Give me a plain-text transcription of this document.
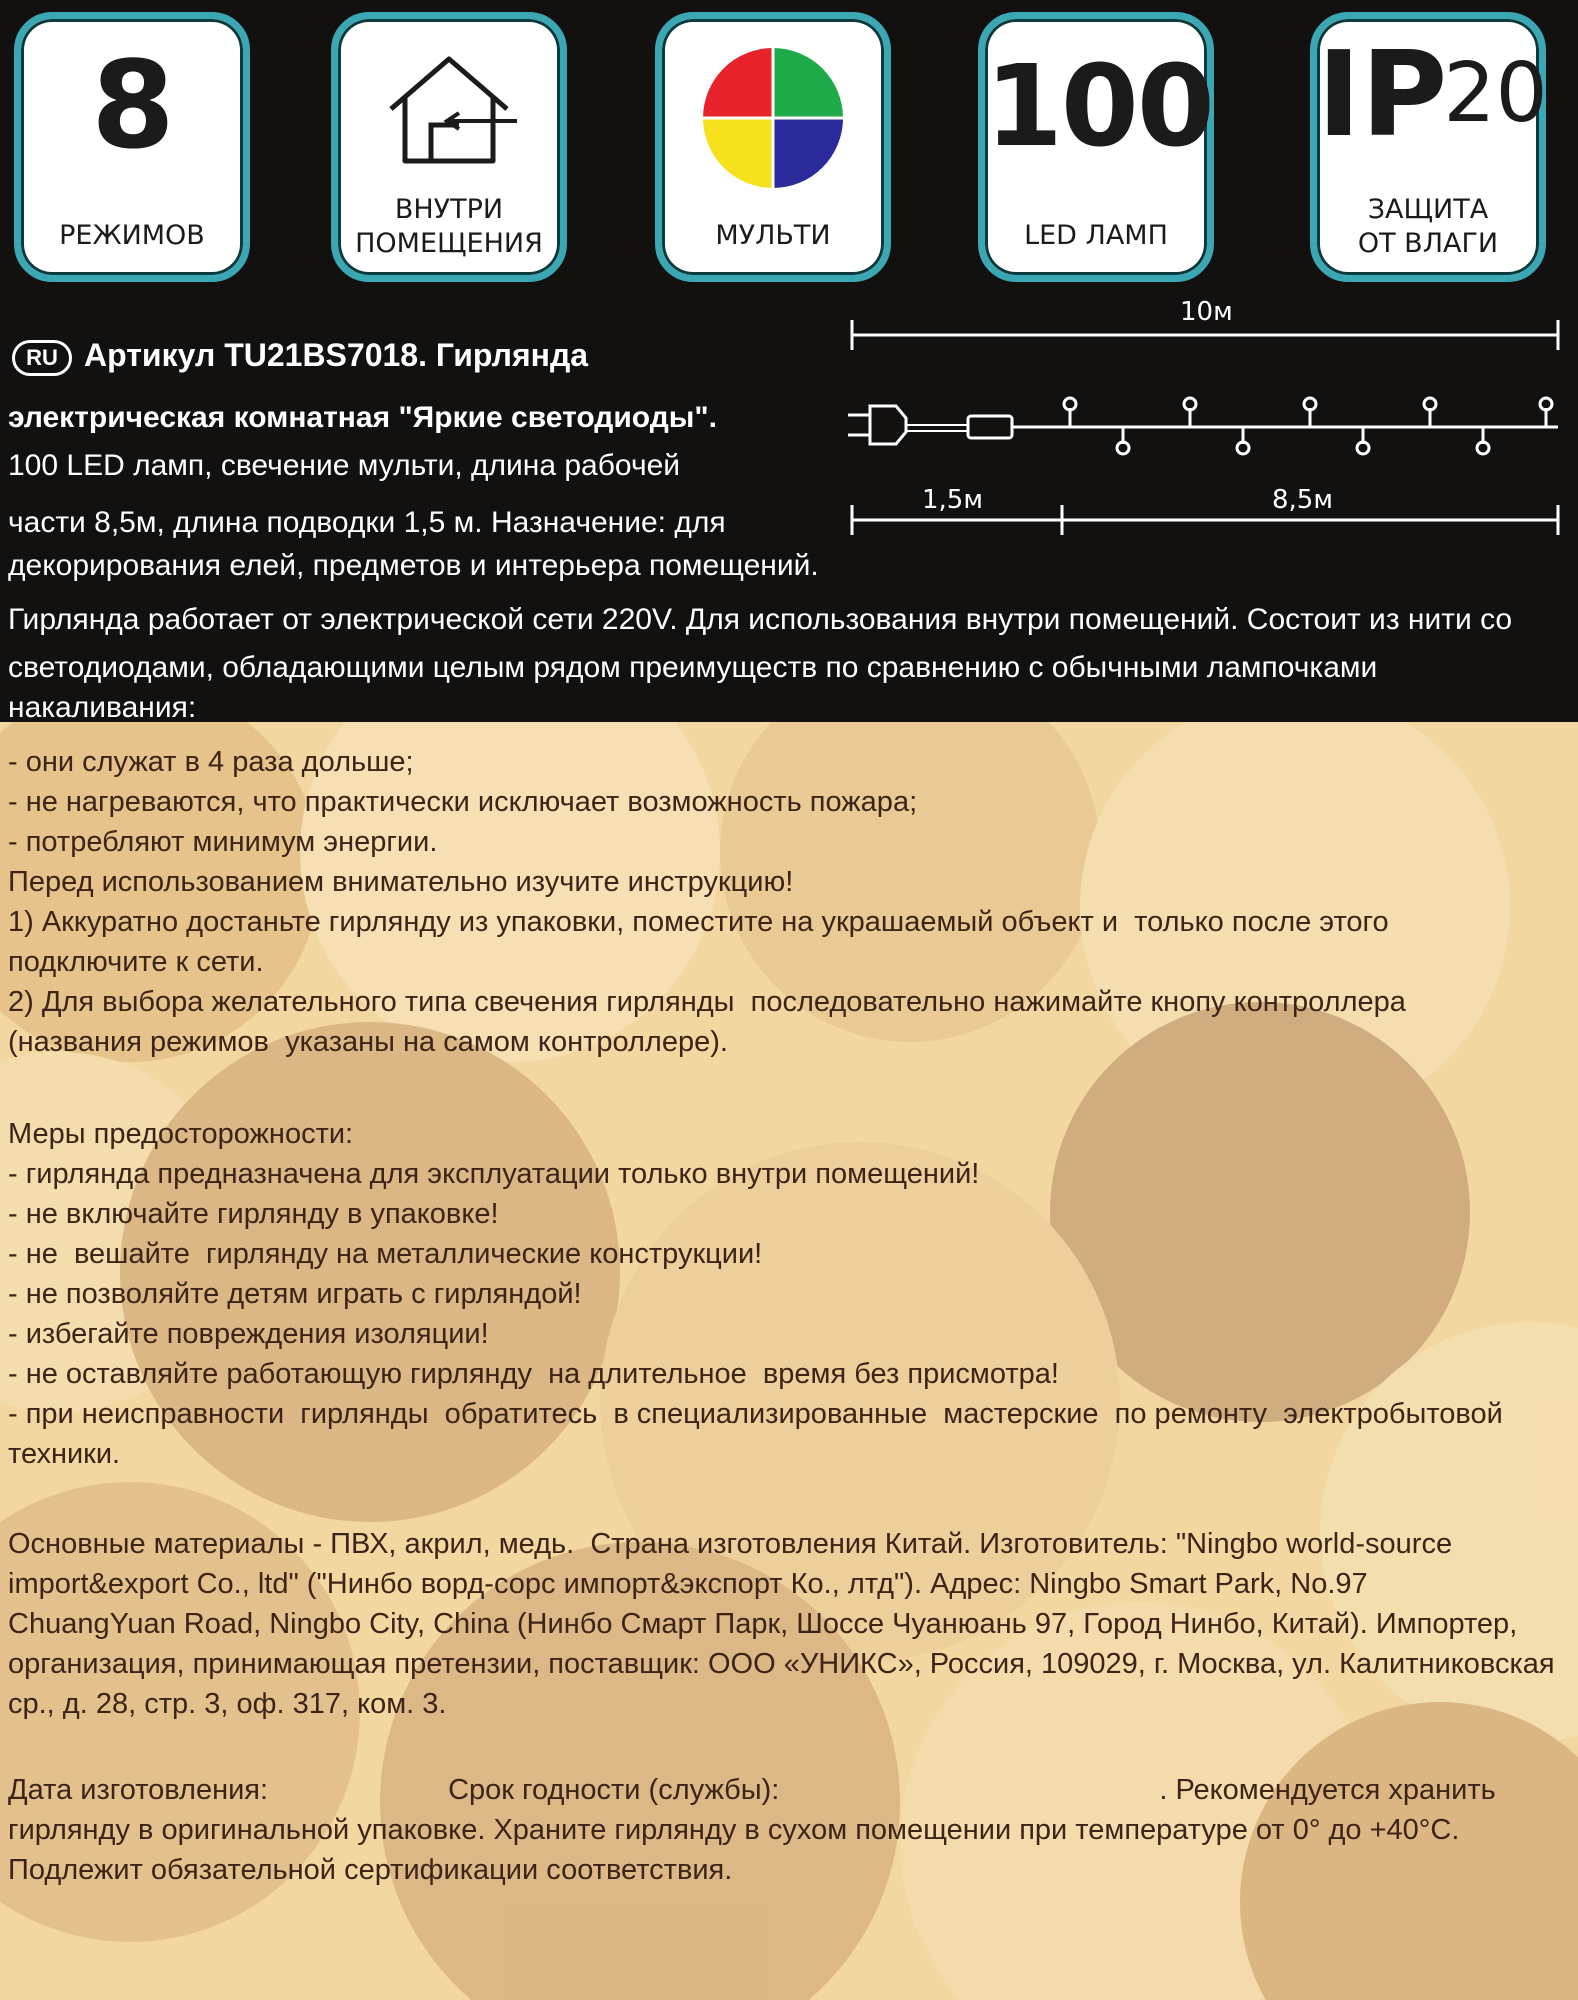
8
РЕЖИМОВ
ВНУТРИ
ПОМЕЩЕНИЯ	МУЛЬТИ
100
LED ЛАМП
IP20
ЗАЩИТА
ОТ ВЛАГИ
10м
1,5м	8,5м
RU Артикул TU21BS7018. Гирлянда
электрическая комнатная "Яркие светодиоды".
100 LED ламп, свечение мульти, длина рабочей
части 8,5м, длина подводки 1,5 м. Назначение: для
декорирования елей, предметов и интерьера помещений.
Гирлянда работает от электрической сети 220V. Для использования внутри помещений. Состоит из нити со
светодиодами, обладающими целым рядом преимуществ по сравнению с обычными лампочками накаливания:

- они служат в 4 раза дольше;

- не нагреваются, что практически исключает возможность пожара;

- потребляют минимум энергии.

Перед использованием внимательно изучите инструкцию!

1) Аккуратно достаньте гирлянду из упаковки, поместите на украшаемый объект и  только после этого

подключите к сети.

2) Для выбора желательного типа свечения гирлянды  последовательно нажимайте кнопу контроллера

(названия режимов  указаны на самом контроллере).

Меры предосторожности:

- гирлянда предназначена для эксплуатации только внутри помещений!

- не включайте гирлянду в упаковке!

- не  вешайте  гирлянду на металлические конструкции!

- не позволяйте детям играть с гирляндой!

- избегайте повреждения изоляции!

- не оставляйте работающую гирлянду  на длительное  время без присмотра!

- при неисправности  гирлянды  обратитесь  в специализированные  мастерские  по ремонту  электробытовой

техники.

Основные материалы - ПВХ, акрил, медь.  Страна изготовления Китай. Изготовитель: "Ningbo world-source

import&export Co., ltd" ("Нинбо ворд-сорс импорт&экспорт Ко., лтд"). Адрес: Ningbo Smart Park, No.97

ChuangYuan Road, Ningbo City, China (Нинбо Смарт Парк, Шоссе Чуанюань 97, Город Нинбо, Китай). Импортер,

организация, принимающая претензии, поставщик: ООО «УНИКС», Россия, 109029, г. Москва, ул. Калитниковская

ср., д. 28, стр. 3, оф. 317, ком. 3.

Дата изготовления:	Срок годности (службы):	. Рекомендуется хранить

гирлянду в оригинальной упаковке. Храните гирлянду в сухом помещении при температуре от 0° до +40°С.

Подлежит обязательной сертификации соответствия.
